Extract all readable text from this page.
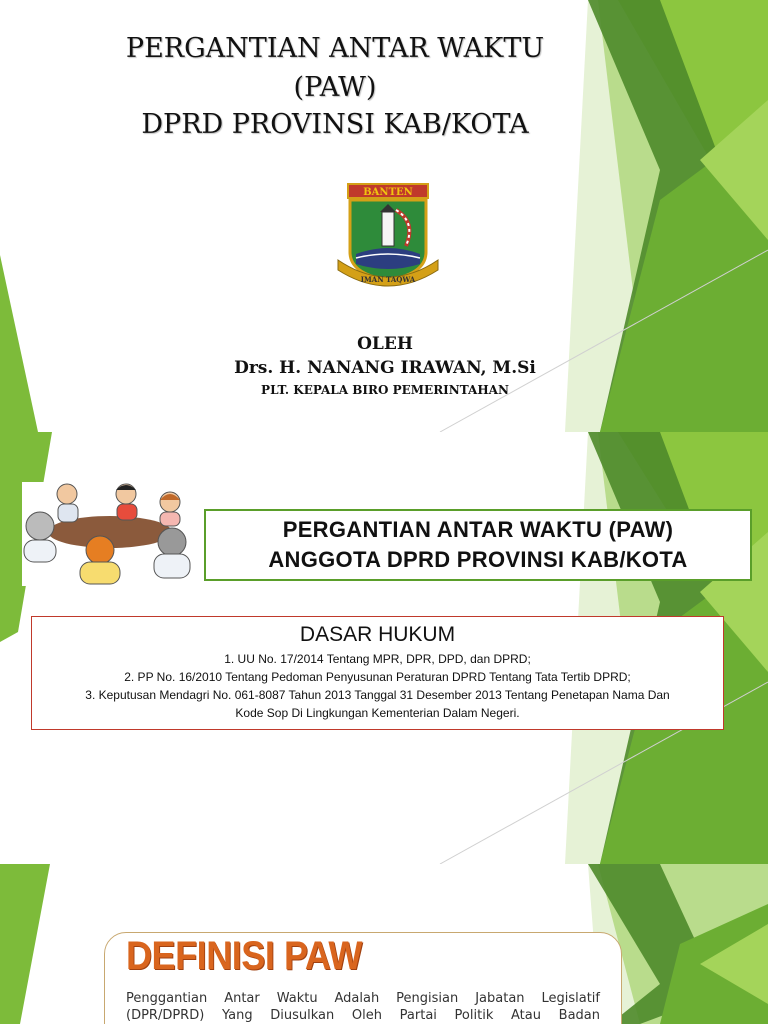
PERGANTIAN ANTAR WAKTU
(PAW)
DPRD PROVINSI KAB/KOTA
BANTEN
IMAN TAQWA
OLEH
Drs. H. NANANG IRAWAN, M.Si
PLT. KEPALA BIRO PEMERINTAHAN
PERGANTIAN ANTAR WAKTU (PAW)
ANGGOTA DPRD PROVINSI KAB/KOTA
DASAR HUKUM
1. UU No. 17/2014 Tentang MPR, DPR, DPD, dan DPRD;
2. PP No. 16/2010 Tentang Pedoman Penyusunan Peraturan DPRD Tentang Tata Tertib DPRD;
3. Keputusan Mendagri No. 061-8087 Tahun 2013 Tanggal 31 Desember 2013 Tentang Penetapan Nama Dan
Kode Sop Di Lingkungan Kementerian Dalam Negeri.
DEFINISI PAW
Penggantian Antar Waktu Adalah Pengisian Jabatan Legislatif
(DPR/DPRD) Yang Diusulkan Oleh Partai Politik Atau Badan
